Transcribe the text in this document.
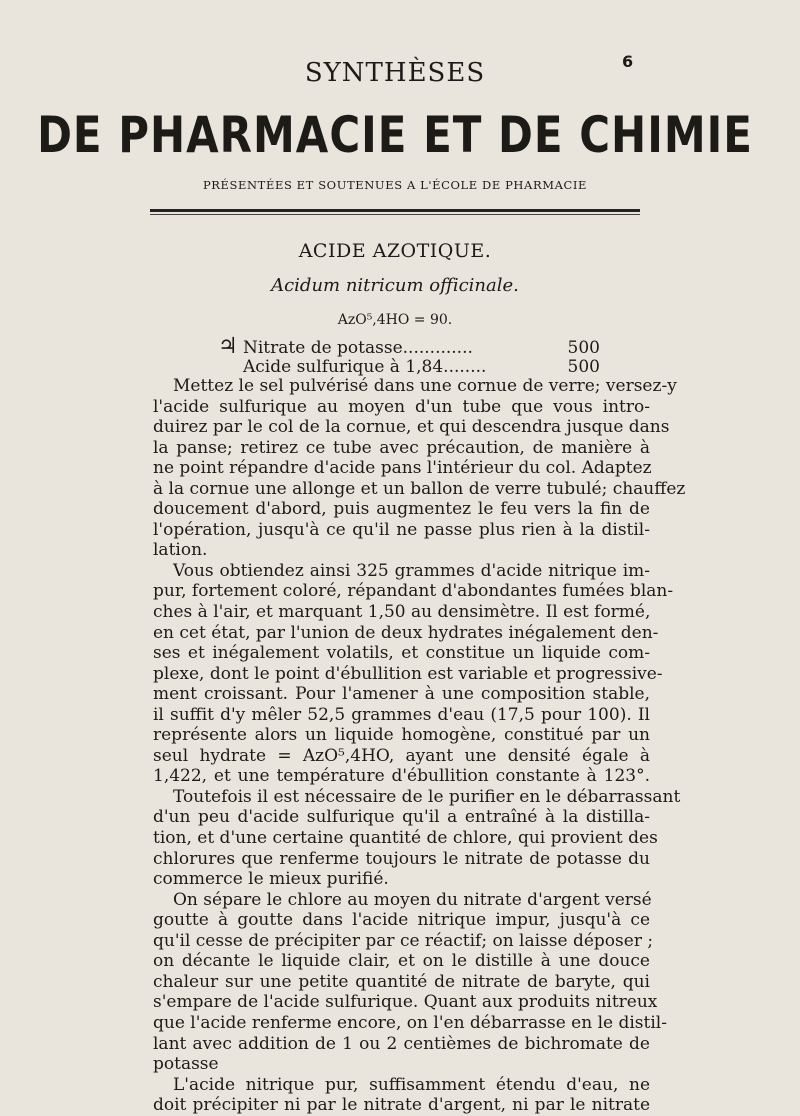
SYNTHÈSES	6
DE PHARMACIE ET DE CHIMIE
PRÉSENTÉES ET SOUTENUES A L'ÉCOLE DE PHARMACIE
ACIDE AZOTIQUE.
Acidum nitricum officinale.
AzO⁵,4HO = 90.
♃ Nitrate de potasse.............	500
Acide sulfurique à 1,84........	500
Mettez le sel pulvérisé dans une cornue de verre; versez-y
l'acide sulfurique au moyen d'un tube que vous intro-
duirez par le col de la cornue, et qui descendra jusque dans
la panse; retirez ce tube avec précaution, de manière à
ne point répandre d'acide pans l'intérieur du col. Adaptez
à la cornue une allonge et un ballon de verre tubulé; chauffez
doucement d'abord, puis augmentez le feu vers la fin de
l'opération, jusqu'à ce qu'il ne passe plus rien à la distil-
lation.
Vous obtiendez ainsi 325 grammes d'acide nitrique im-
pur, fortement coloré, répandant d'abondantes fumées blan-
ches à l'air, et marquant 1,50 au densimètre. Il est formé,
en cet état, par l'union de deux hydrates inégalement den-
ses et inégalement volatils, et constitue un liquide com-
plexe, dont le point d'ébullition est variable et progressive-
ment croissant. Pour l'amener à une composition stable,
il suffit d'y mêler 52,5 grammes d'eau (17,5 pour 100). Il
représente alors un liquide homogène, constitué par un
seul hydrate = AzO⁵,4HO, ayant une densité égale à
1,422, et une température d'ébullition constante à 123°.
Toutefois il est nécessaire de le purifier en le débarrassant
d'un peu d'acide sulfurique qu'il a entraîné à la distilla-
tion, et d'une certaine quantité de chlore, qui provient des
chlorures que renferme toujours le nitrate de potasse du
commerce le mieux purifié.
On sépare le chlore au moyen du nitrate d'argent versé
goutte à goutte dans l'acide nitrique impur, jusqu'à ce
qu'il cesse de précipiter par ce réactif; on laisse déposer ;
on décante le liquide clair, et on le distille à une douce
chaleur sur une petite quantité de nitrate de baryte, qui
s'empare de l'acide sulfurique. Quant aux produits nitreux
que l'acide renferme encore, on l'en débarrasse en le distil-
lant avec addition de 1 ou 2 centièmes de bichromate de
potasse
L'acide nitrique pur, suffisamment étendu d'eau, ne
doit précipiter ni par le nitrate d'argent, ni par le nitrate
